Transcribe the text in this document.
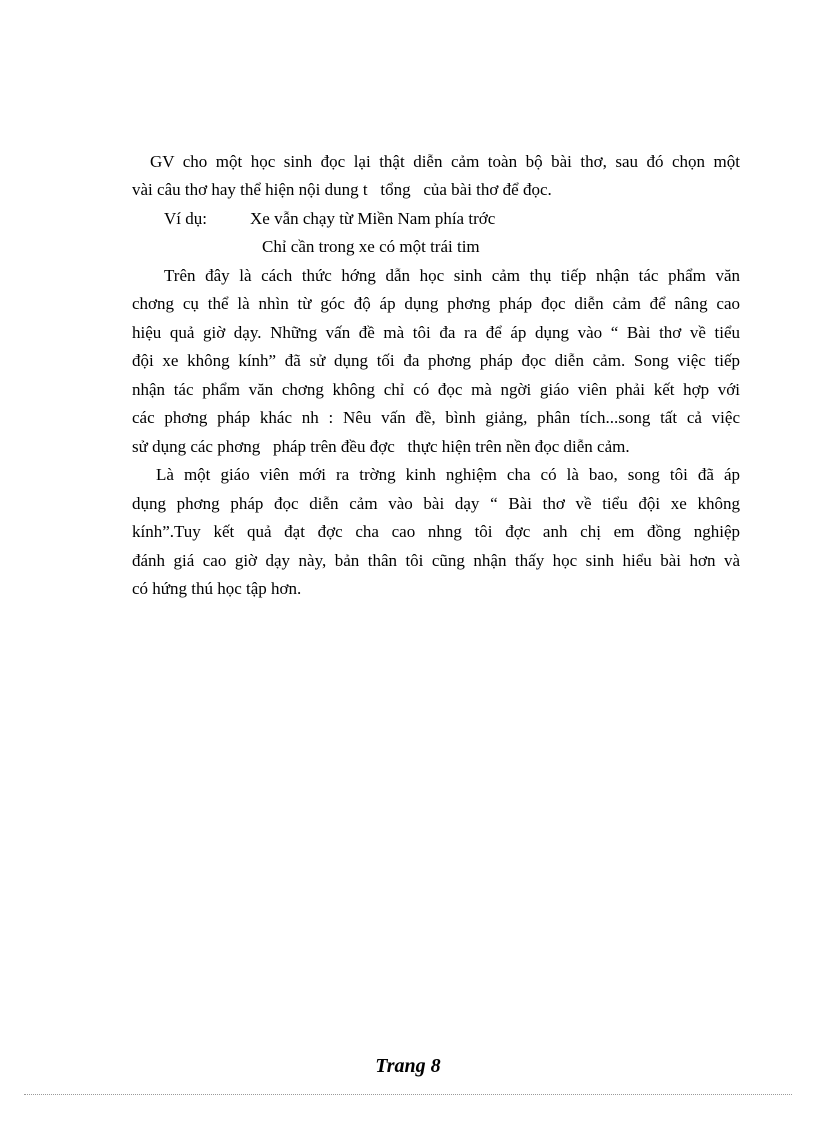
GV cho một học sinh đọc lại thật diễn cảm toàn bộ bài thơ, sau đó chọn một
vài câu thơ hay thể hiện nội dung t   tổng   của bài thơ để đọc.
Ví dụ:	Xe vẫn chạy từ Miền Nam phía trớc
Chỉ cần trong xe có một trái tim
Trên đây là cách thức hớng dẫn học sinh cảm thụ tiếp nhận tác phẩm văn
chơng cụ thể là nhìn từ góc độ áp dụng phơng pháp đọc diễn cảm để nâng cao
hiệu quả giờ dạy. Những vấn đề mà tôi đa ra để áp dụng vào “ Bài thơ về tiểu
đội xe không kính” đã sử dụng tối đa phơng pháp đọc diễn cảm. Song việc tiếp
nhận tác phẩm văn chơng không chỉ có đọc mà ngời giáo viên phải kết hợp với
các phơng pháp khác nh : Nêu vấn đề, bình giảng, phân tích...song tất cả việc
sử dụng các phơng   pháp trên đều đợc   thực hiện trên nền đọc diễn cảm.
Là một giáo viên mới ra trờng kinh nghiệm cha có là bao, song tôi đã áp
dụng phơng pháp đọc diễn cảm vào bài dạy “ Bài thơ về tiểu đội xe không
kính”.Tuy kết quả đạt đợc cha cao nhng tôi đợc anh chị em đồng nghiệp
đánh giá cao giờ dạy này, bản thân tôi cũng nhận thấy học sinh hiểu bài hơn và
có hứng thú học tập hơn.
Trang 8
